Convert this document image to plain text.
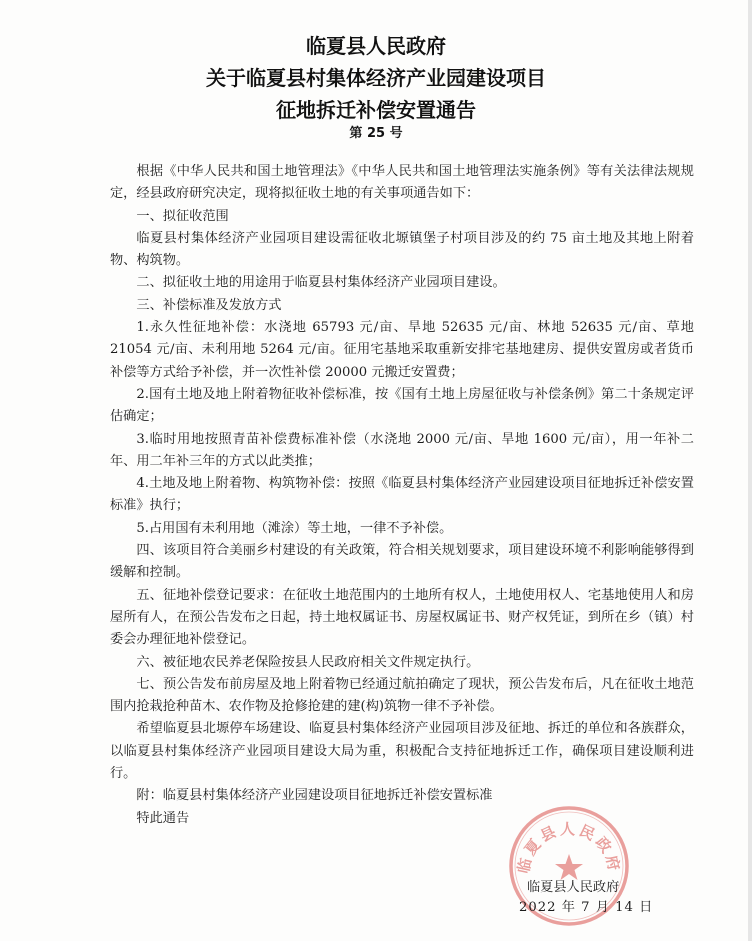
临夏县人民政府
关于临夏县村集体经济产业园建设项目
征地拆迁补偿安置通告
第 25 号

根据《中华人民共和国土地管理法》《中华人民共和国土地管理法实施条例》等有关法律法规规定，经县政府研究决定，现将拟征收土地的有关事项通告如下：

一、拟征收范围

临夏县村集体经济产业园项目建设需征收北塬镇堡子村项目涉及的约 75 亩土地及其地上附着物、构筑物。

二、拟征收土地的用途用于临夏县村集体经济产业园项目建设。

三、补偿标准及发放方式

1.永久性征地补偿：水浇地 65793 元/亩、旱地 52635 元/亩、林地 52635 元/亩、草地 21054 元/亩、未利用地 5264 元/亩。征用宅基地采取重新安排宅基地建房、提供安置房或者货币补偿等方式给予补偿，并一次性补偿 20000 元搬迁安置费；

2.国有土地及地上附着物征收补偿标准，按《国有土地上房屋征收与补偿条例》第二十条规定评估确定；

3.临时用地按照青苗补偿费标准补偿（水浇地 2000 元/亩、旱地 1600 元/亩），用一年补二年、用二年补三年的方式以此类推；

4.土地及地上附着物、构筑物补偿：按照《临夏县村集体经济产业园建设项目征地拆迁补偿安置标准》执行；

5.占用国有未利用地（滩涂）等土地，一律不予补偿。

四、该项目符合美丽乡村建设的有关政策，符合相关规划要求，项目建设环境不利影响能够得到缓解和控制。

五、征地补偿登记要求：在征收土地范围内的土地所有权人，土地使用权人、宅基地使用人和房屋所有人，在预公告发布之日起，持土地权属证书、房屋权属证书、财产权凭证，到所在乡（镇）村委会办理征地补偿登记。

六、被征地农民养老保险按县人民政府相关文件规定执行。

七、预公告发布前房屋及地上附着物已经通过航拍确定了现状，预公告发布后，凡在征收土地范围内抢栽抢种苗木、农作物及抢修抢建的建(构)筑物一律不予补偿。

希望临夏县北塬停车场建设、临夏县村集体经济产业园项目涉及征地、拆迁的单位和各族群众，以临夏县村集体经济产业园项目建设大局为重，积极配合支持征地拆迁工作，确保项目建设顺利进行。

附：临夏县村集体经济产业园建设项目征地拆迁补偿安置标准

特此通告

临夏县人民政府
临夏县人民政府
2022 年 7 月 14 日
